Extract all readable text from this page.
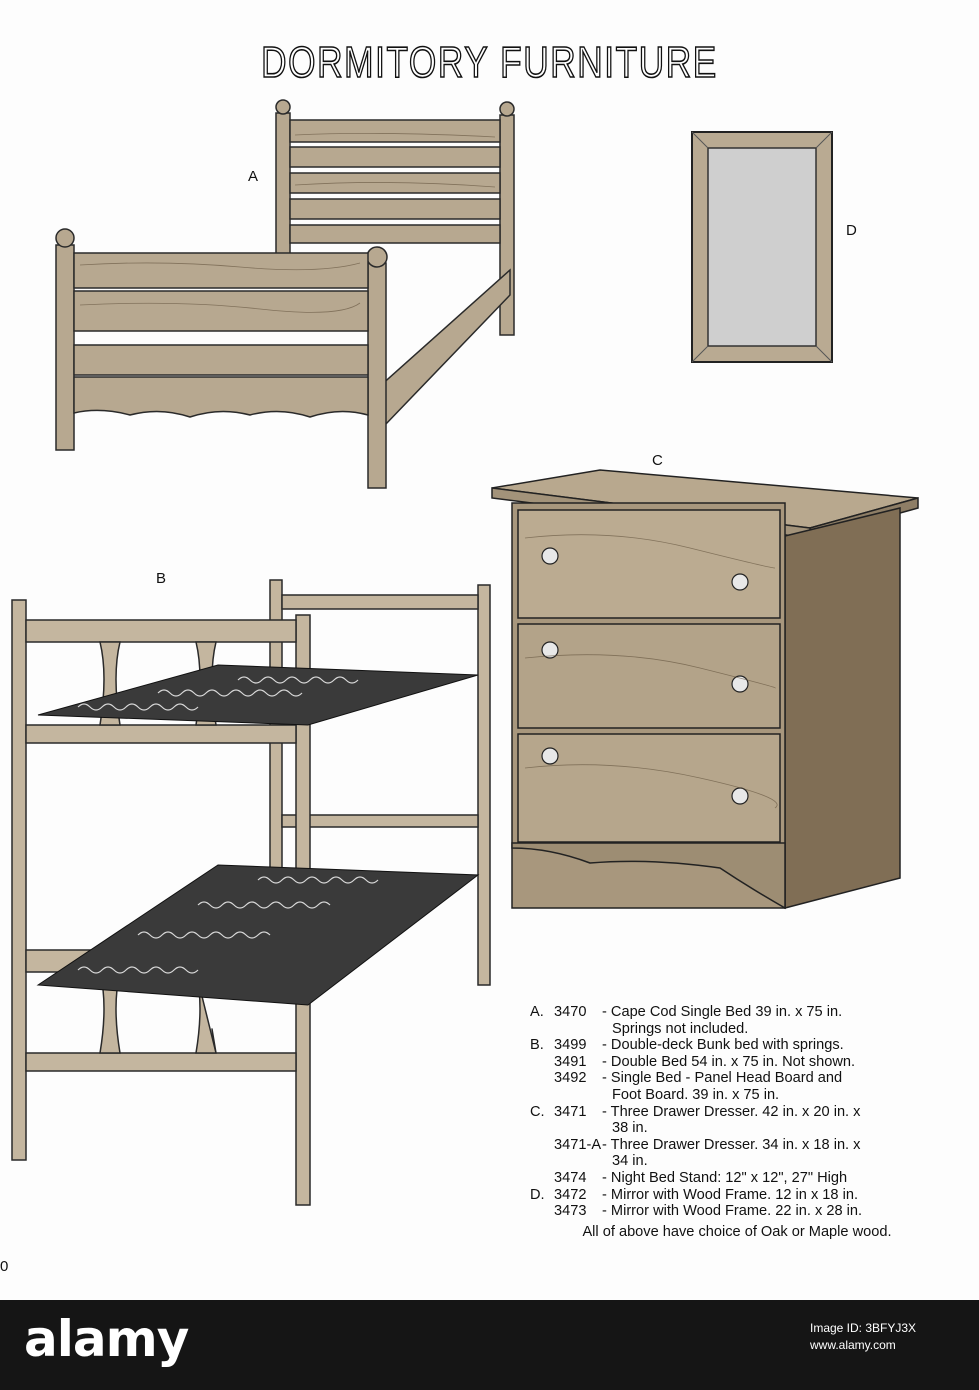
DORMITORY FURNITURE
A
D
C
B
A. 3470	- Cape Cod Single Bed 39 in. x 75 in.
Springs not included.
B. 3499	- Double-deck Bunk bed with springs.
3491	- Double Bed 54 in. x 75 in. Not shown.
3492	- Single Bed - Panel Head Board and
Foot Board. 39 in. x 75 in.
C. 3471	- Three Drawer Dresser. 42 in. x 20 in. x
38 in.
3471-A - Three Drawer Dresser. 34 in. x 18 in. x
34 in.
3474	- Night Bed Stand: 12" x 12", 27" High
D. 3472	- Mirror with Wood Frame. 12 in x 18 in.
3473	- Mirror with Wood Frame. 22 in. x 28 in.
All of above have choice of Oak or Maple wood.
0
alamy	Image ID: 3BFYJ3X
www.alamy.com
